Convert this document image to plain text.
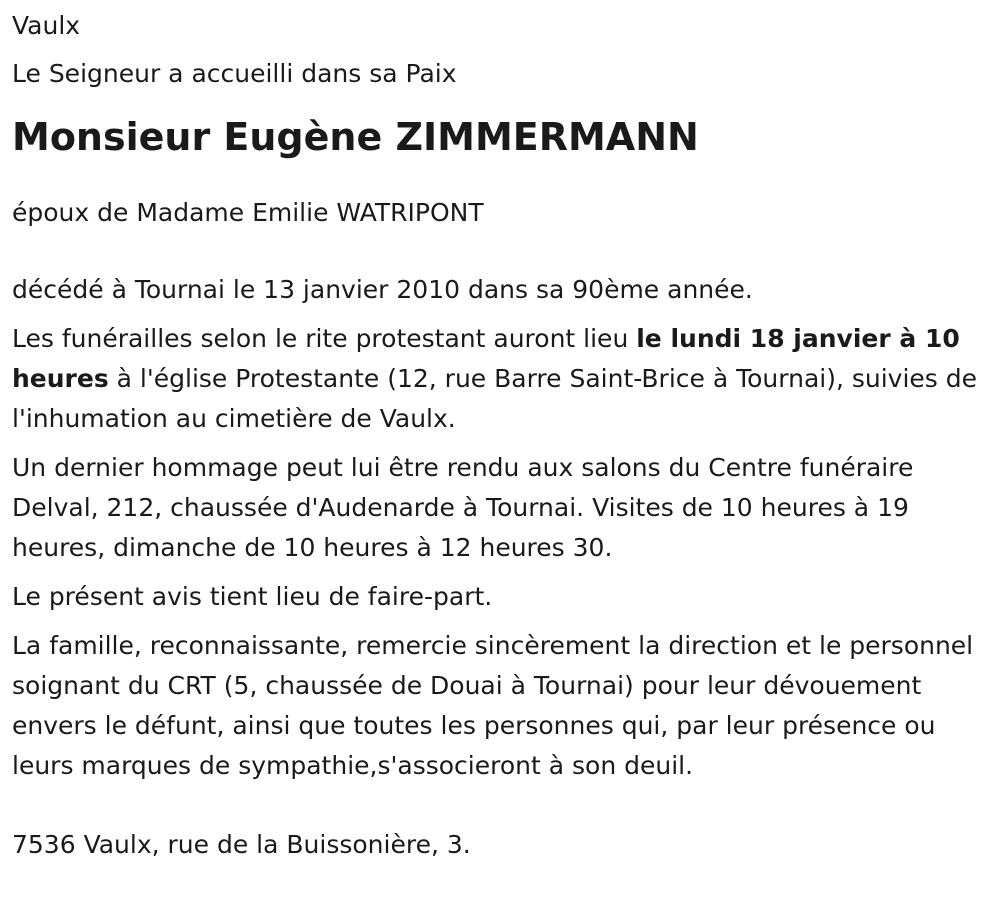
Vaulx

Le Seigneur a accueilli dans sa Paix

Monsieur Eugène ZIMMERMANN

époux de Madame Emilie WATRIPONT

décédé à Tournai le 13 janvier 2010 dans sa 90ème année.

Les funérailles selon le rite protestant auront lieu le lundi 18 janvier à 10 heures à l'église Protestante (12, rue Barre Saint-Brice à Tournai), suivies de l'inhumation au cimetière de Vaulx.

Un dernier hommage peut lui être rendu aux salons du Centre funéraire Delval, 212, chaussée d'Audenarde à Tournai. Visites de 10 heures à 19 heures, dimanche de 10 heures à 12 heures 30.

Le présent avis tient lieu de faire-part.

La famille, reconnaissante, remercie sincèrement la direction et le personnel soignant du CRT (5, chaussée de Douai à Tournai) pour leur dévouement envers le défunt, ainsi que toutes les personnes qui, par leur présence ou leurs marques de sympathie,s'associeront à son deuil.

7536 Vaulx, rue de la Buissonière, 3.
